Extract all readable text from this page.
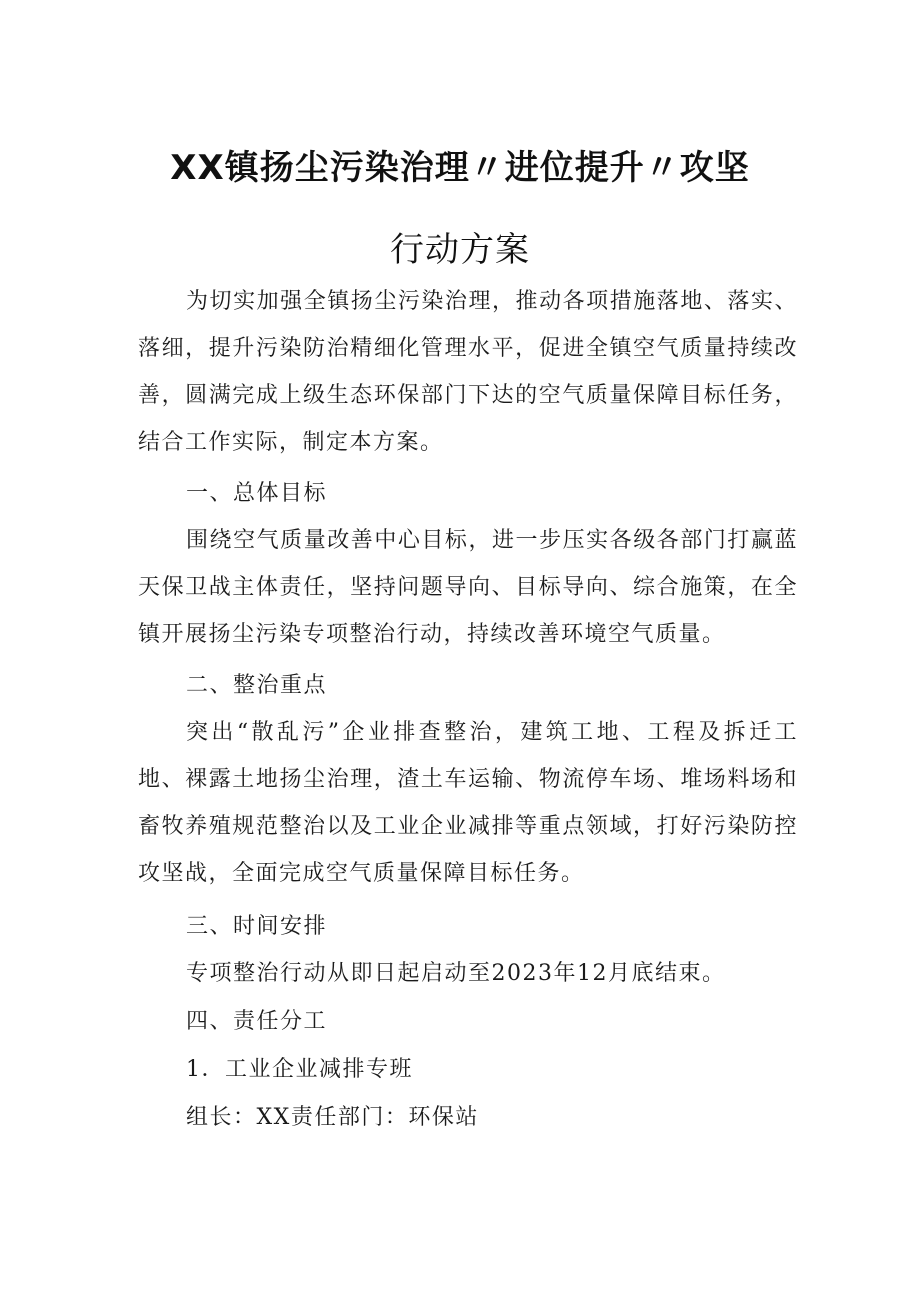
XX镇扬尘污染治理〃进位提升〃攻坚
行动方案

为切实加强全镇扬尘污染治理，推动各项措施落地、落实、落细，提升污染防治精细化管理水平，促进全镇空气质量持续改善，圆满完成上级生态环保部门下达的空气质量保障目标任务，结合工作实际，制定本方案。

一、总体目标

围绕空气质量改善中心目标，进一步压实各级各部门打赢蓝天保卫战主体责任，坚持问题导向、目标导向、综合施策，在全镇开展扬尘污染专项整治行动，持续改善环境空气质量。

二、整治重点

突出“散乱污”企业排查整治，建筑工地、工程及拆迁工地、裸露土地扬尘治理，渣土车运输、物流停车场、堆场料场和畜牧养殖规范整治以及工业企业减排等重点领域，打好污染防控攻坚战，全面完成空气质量保障目标任务。

三、时间安排

专项整治行动从即日起启动至2023年12月底结束。

四、责任分工

1．工业企业减排专班

组长：XX责任部门：环保站
